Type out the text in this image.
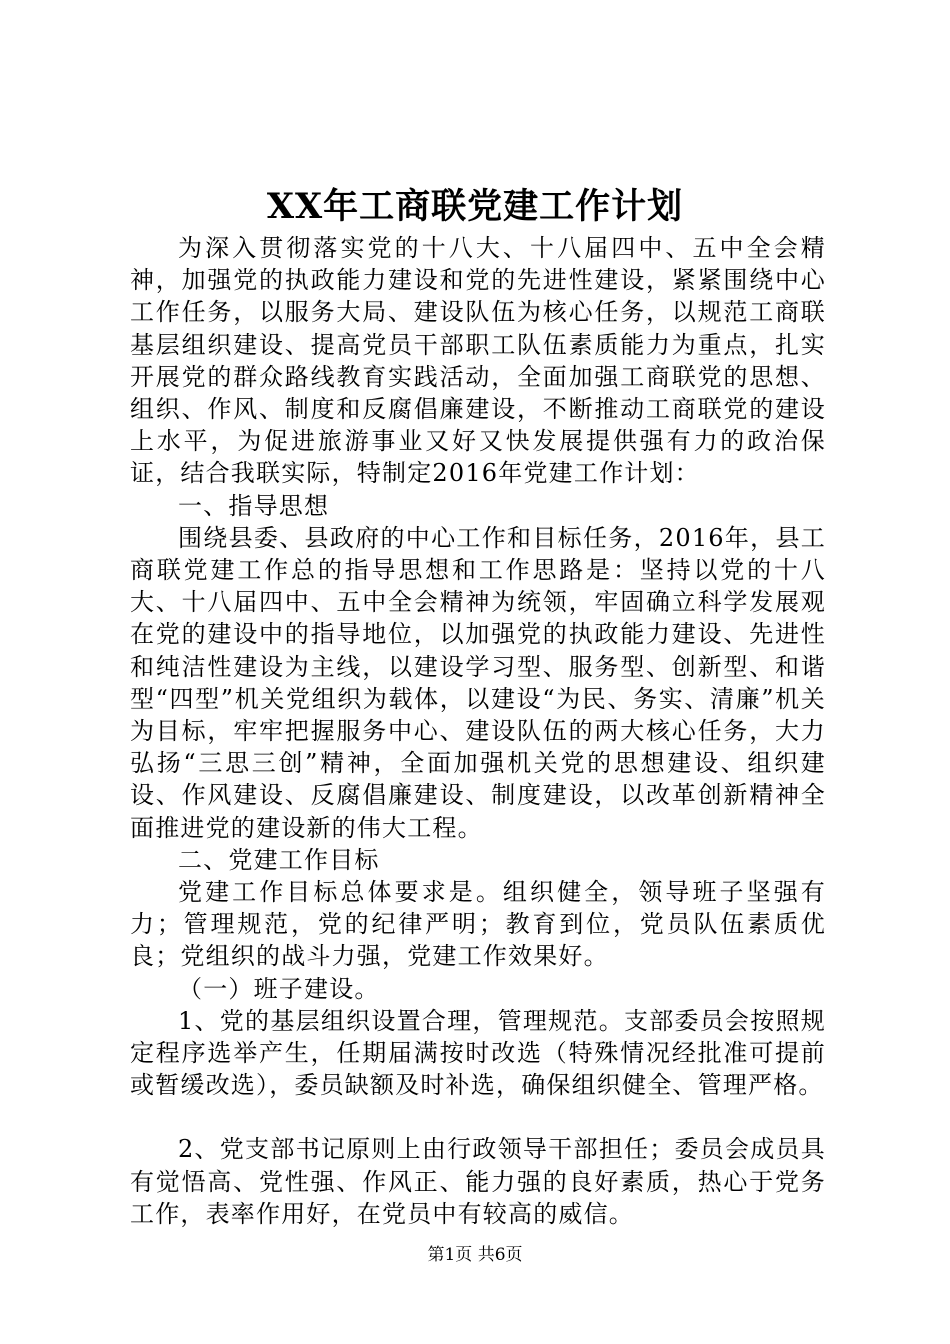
XX年工商联党建工作计划

为深入贯彻落实党的十八大、十八届四中、五中全会精神，加强党的执政能力建设和党的先进性建设，紧紧围绕中心工作任务，以服务大局、建设队伍为核心任务，以规范工商联基层组织建设、提高党员干部职工队伍素质能力为重点，扎实开展党的群众路线教育实践活动，全面加强工商联党的思想、组织、作风、制度和反腐倡廉建设，不断推动工商联党的建设上水平，为促进旅游事业又好又快发展提供强有力的政治保证，结合我联实际，特制定2016年党建工作计划：

一、指导思想

围绕县委、县政府的中心工作和目标任务，2016年，县工商联党建工作总的指导思想和工作思路是：坚持以党的十八大、十八届四中、五中全会精神为统领，牢固确立科学发展观在党的建设中的指导地位，以加强党的执政能力建设、先进性和纯洁性建设为主线，以建设学习型、服务型、创新型、和谐型“四型”机关党组织为载体，以建设“为民、务实、清廉”机关为目标，牢牢把握服务中心、建设队伍的两大核心任务，大力弘扬“三思三创”精神，全面加强机关党的思想建设、组织建设、作风建设、反腐倡廉建设、制度建设，以改革创新精神全面推进党的建设新的伟大工程。

二、党建工作目标

党建工作目标总体要求是。组织健全，领导班子坚强有力；管理规范，党的纪律严明；教育到位，党员队伍素质优良；党组织的战斗力强，党建工作效果好。

（一）班子建设。

1、党的基层组织设置合理，管理规范。支部委员会按照规定程序选举产生，任期届满按时改选（特殊情况经批准可提前或暂缓改选），委员缺额及时补选，确保组织健全、管理严格。

2、党支部书记原则上由行政领导干部担任；委员会成员具有觉悟高、党性强、作风正、能力强的良好素质，热心于党务工作，表率作用好，在党员中有较高的威信。

第1页 共6页
